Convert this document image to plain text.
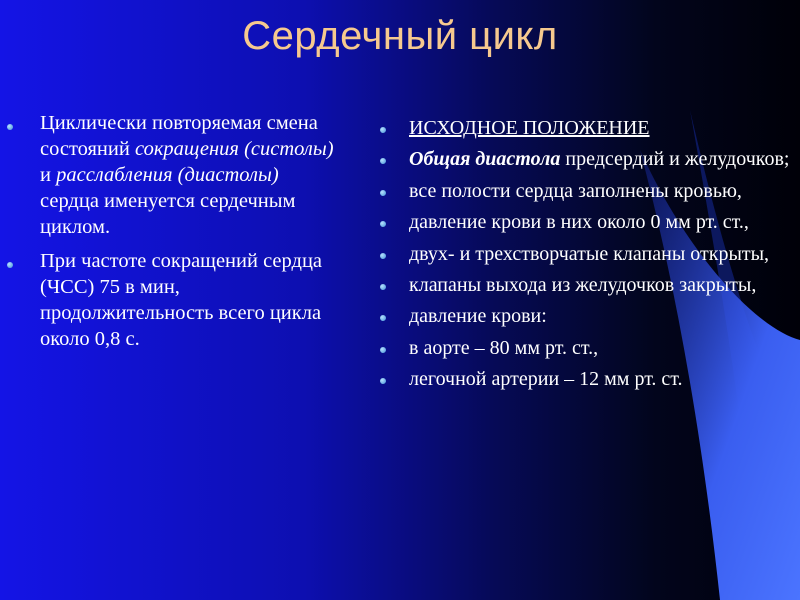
Сердечный цикл
Циклически повторяемая смена состояний сокращения (систолы) и расслабления (диастолы) сердца именуется сердечным циклом.
При частоте сокращений сердца (ЧСС) 75 в мин, продолжительность всего цикла около 0,8 с.
ИСХОДНОЕ ПОЛОЖЕНИЕ
Общая диастола предсердий и желудочков;
все полости сердца заполнены кровью,
давление крови в них около 0 мм рт. ст.,
двух- и трехстворчатые клапаны открыты,
клапаны выхода из желудочков закрыты,
давление крови:
в аорте – 80 мм рт. ст.,
легочной артерии – 12 мм рт. ст.
